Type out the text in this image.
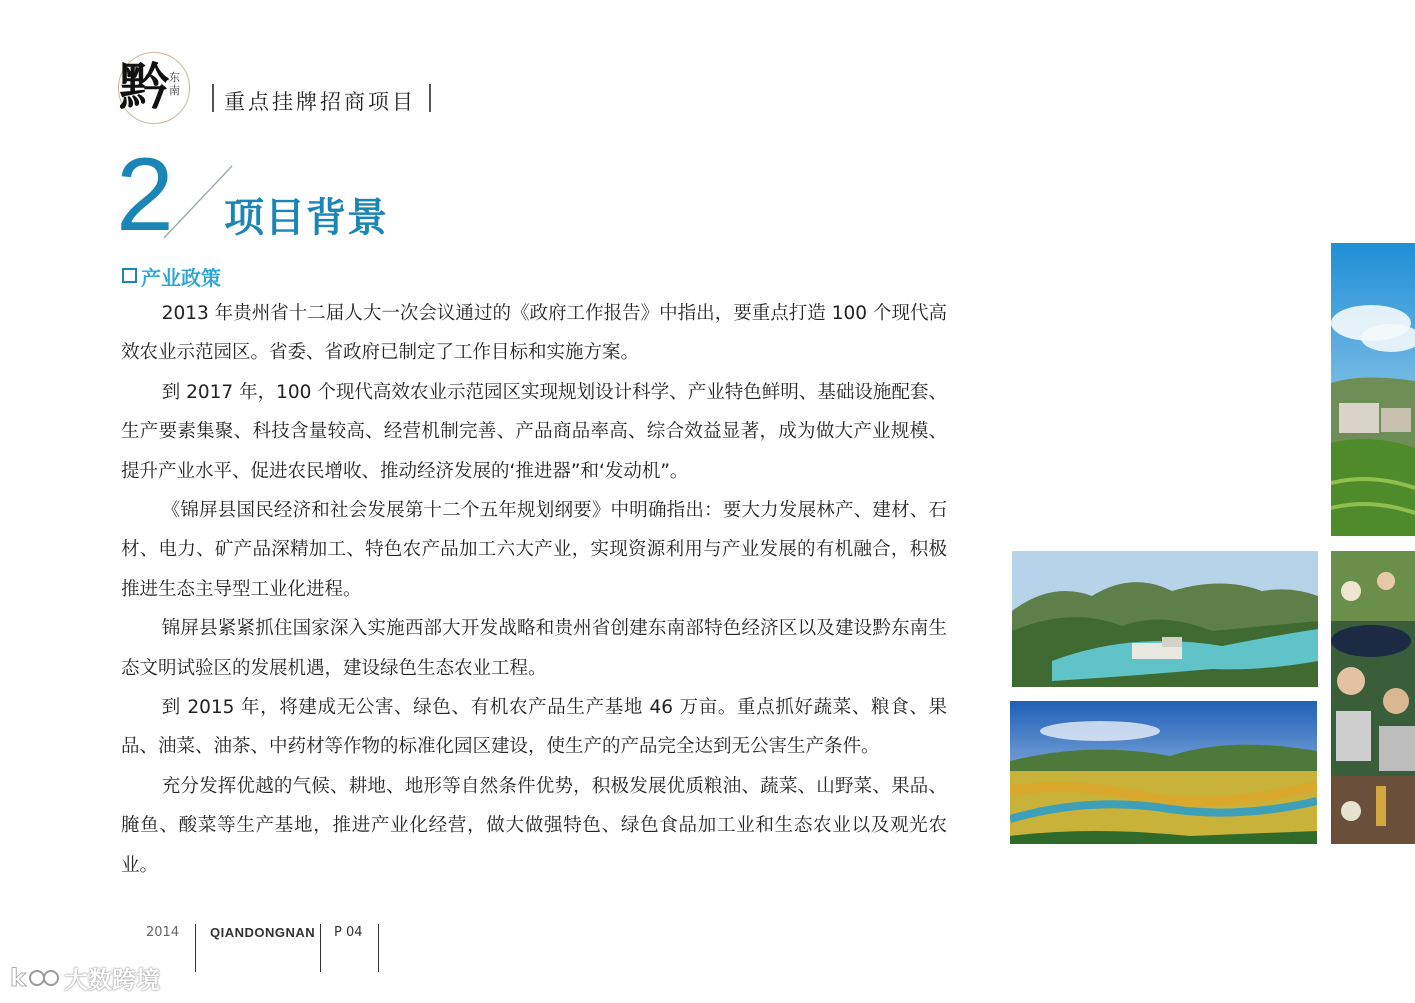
黔 东南 重点挂牌招商项目
2 项目背景
产业政策

2013 年贵州省十二届人大一次会议通过的《政府工作报告》中指出，要重点打造 100 个现代高效农业示范园区。省委、省政府已制定了工作目标和实施方案。

到 2017 年，100 个现代高效农业示范园区实现规划设计科学、产业特色鲜明、基础设施配套、生产要素集聚、科技含量较高、经营机制完善、产品商品率高、综合效益显著，成为做大产业规模、提升产业水平、促进农民增收、推动经济发展的‘推进器”和‘发动机”。

《锦屏县国民经济和社会发展第十二个五年规划纲要》中明确指出：要大力发展林产、建材、石材、电力、矿产品深精加工、特色农产品加工六大产业，实现资源利用与产业发展的有机融合，积极推进生态主导型工业化进程。

锦屏县紧紧抓住国家深入实施西部大开发战略和贵州省创建东南部特色经济区以及建设黔东南生态文明试验区的发展机遇，建设绿色生态农业工程。

到 2015 年，将建成无公害、绿色、有机农产品生产基地 46 万亩。重点抓好蔬菜、粮食、果品、油菜、油茶、中药材等作物的标准化园区建设，使生产的产品完全达到无公害生产条件。

充分发挥优越的气候、耕地、地形等自然条件优势，积极发展优质粮油、蔬菜、山野菜、果品、腌鱼、酸菜等生产基地，推进产业化经营，做大做强特色、绿色食品加工业和生态农业以及观光农业。

2014 QIANDONGNAN P 04
k 大数跨境
